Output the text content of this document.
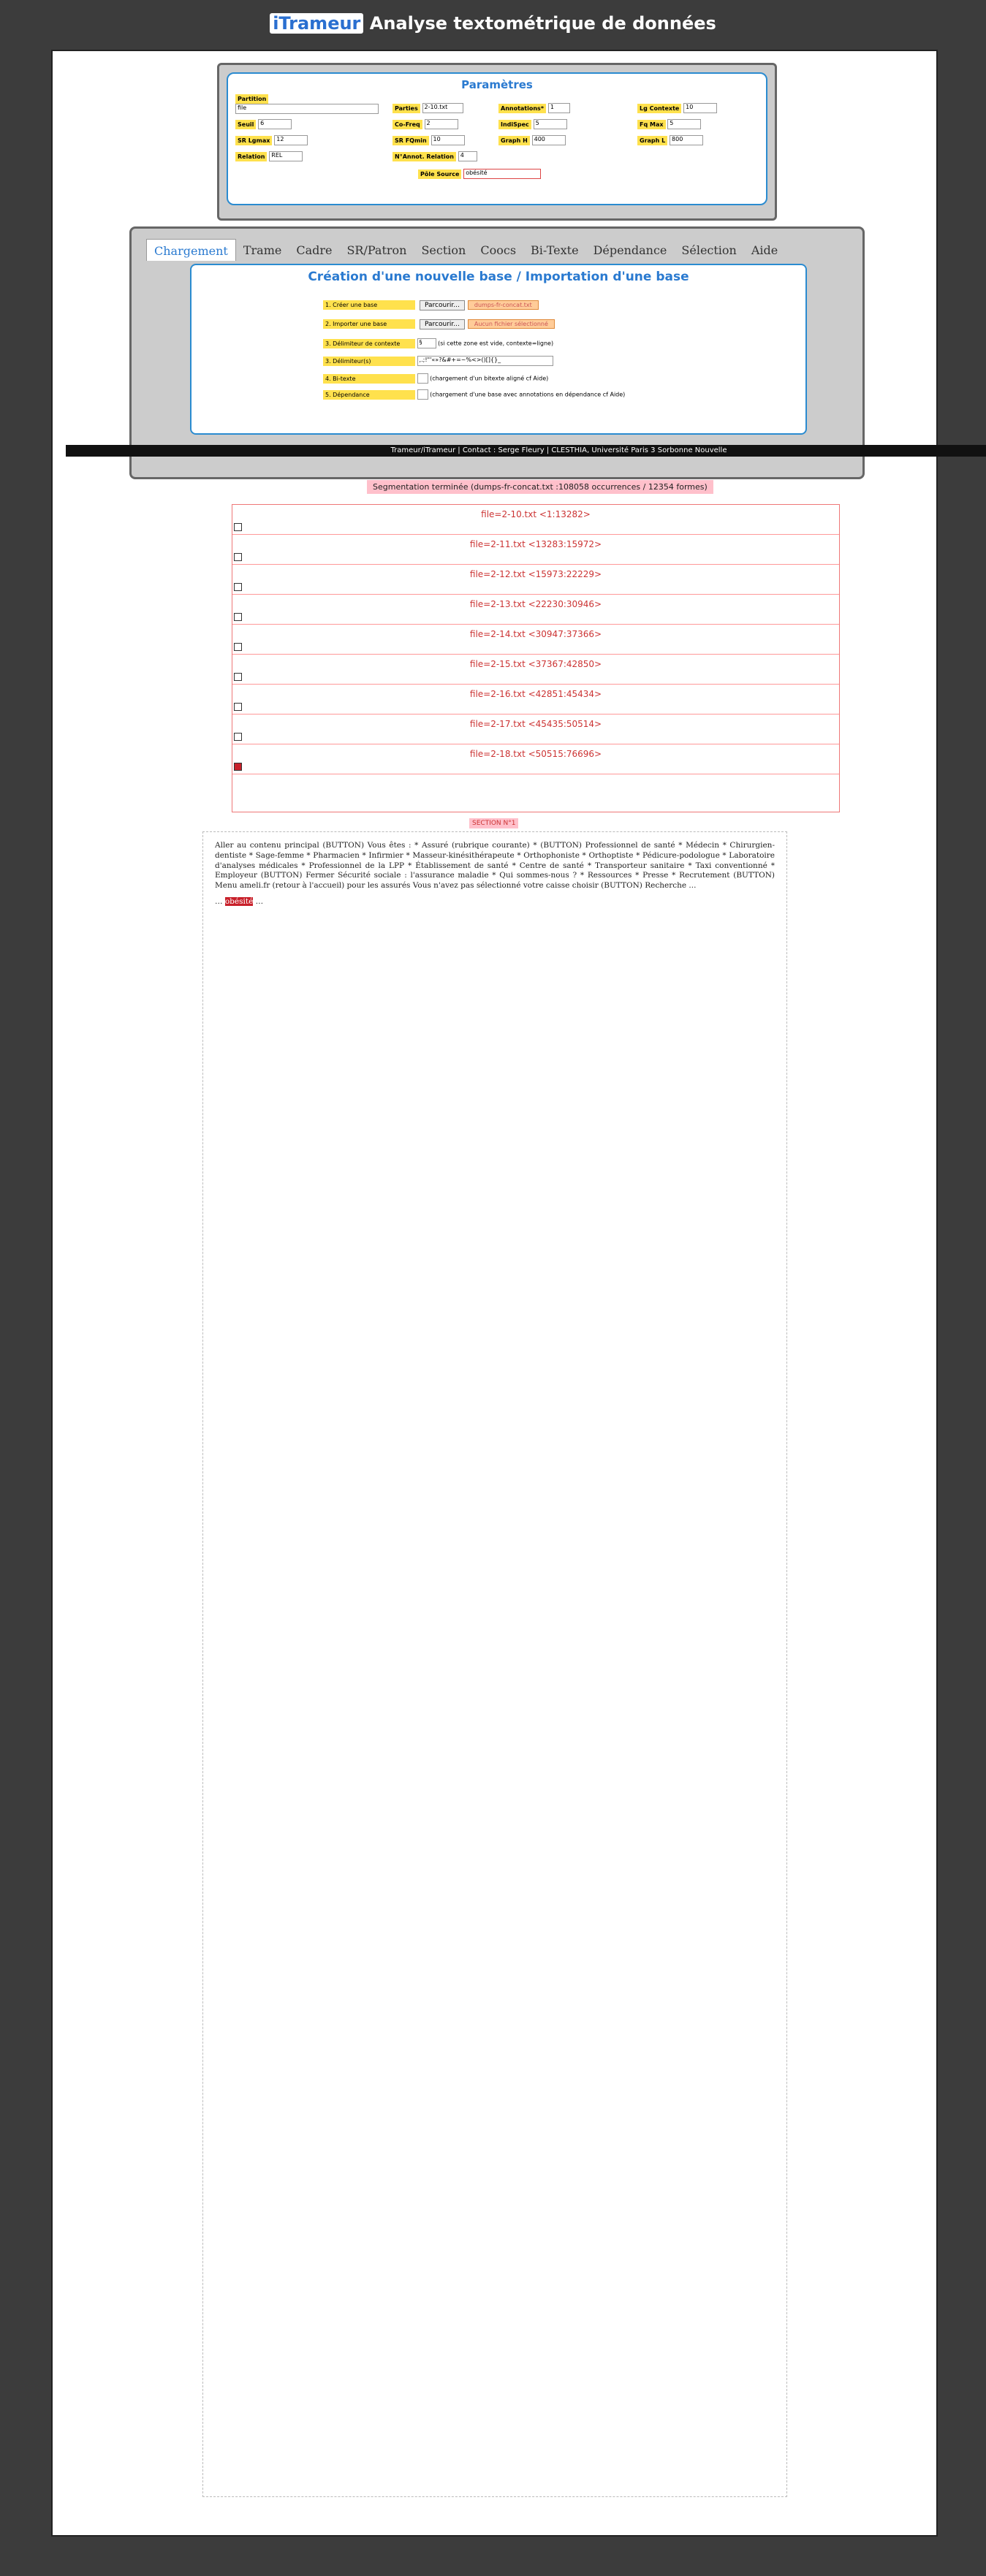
iTrameur Analyse textométrique de données
Paramètres
Partition
file	Parties 2-10.txt	Annotations* 1	Lg Contexte 10
Seuil 6	Co-Freq 2	IndiSpec 5	Fq Max 5
SR Lgmax 12	SR FQmin 10	Graph H 400	Graph L 800
Relation REL	N°Annot. Relation 4
Pôle Source obésité
Chargement	Trame	Cadre	SR/Patron	Section	Coocs	Bi-Texte	Dépendance	Sélection	Aide
Création d'une nouvelle base / Importation d'une base
1. Créer une base	Parcourir...	dumps-fr-concat.txt
2. Importer une base	Parcourir...	Aucun fichier sélectionné
3. Délimiteur de contexte	§	(si cette zone est vide, contexte=ligne)
3. Délimiteur(s)	,.;!"'«»?&#+=~%<>()[]{}_
4. Bi-texte	(chargement d'un bitexte aligné cf Aide)
5. Dépendance	(chargement d'une base avec annotations en dépendance cf Aide)
Trameur/iTrameur | Contact : Serge Fleury | CLESTHIA, Université Paris 3 Sorbonne Nouvelle
Segmentation terminée (dumps-fr-concat.txt :108058 occurrences / 12354 formes)
file=2-10.txt <1:13282>
file=2-11.txt <13283:15972>
file=2-12.txt <15973:22229>
file=2-13.txt <22230:30946>
file=2-14.txt <30947:37366>
file=2-15.txt <37367:42850>
file=2-16.txt <42851:45434>
file=2-17.txt <45435:50514>
file=2-18.txt <50515:76696>
SECTION N°1

Aller au contenu principal (BUTTON) Vous êtes : * Assuré (rubrique courante) * (BUTTON) Professionnel de santé * Médecin * Chirurgien-dentiste * Sage-femme * Pharmacien * Infirmier * Masseur-kinésithérapeute * Orthophoniste * Orthoptiste * Pédicure-podologue * Laboratoire d'analyses médicales * Professionnel de la LPP * Établissement de santé * Centre de santé * Transporteur sanitaire * Taxi conventionné * Employeur (BUTTON) Fermer Sécurité sociale : l'assurance maladie * Qui sommes-nous ? * Ressources * Presse * Recrutement (BUTTON) Menu ameli.fr (retour à l'accueil) pour les assurés Vous n'avez pas sélectionné votre caisse choisir (BUTTON) Recherche ...

… obésité …
